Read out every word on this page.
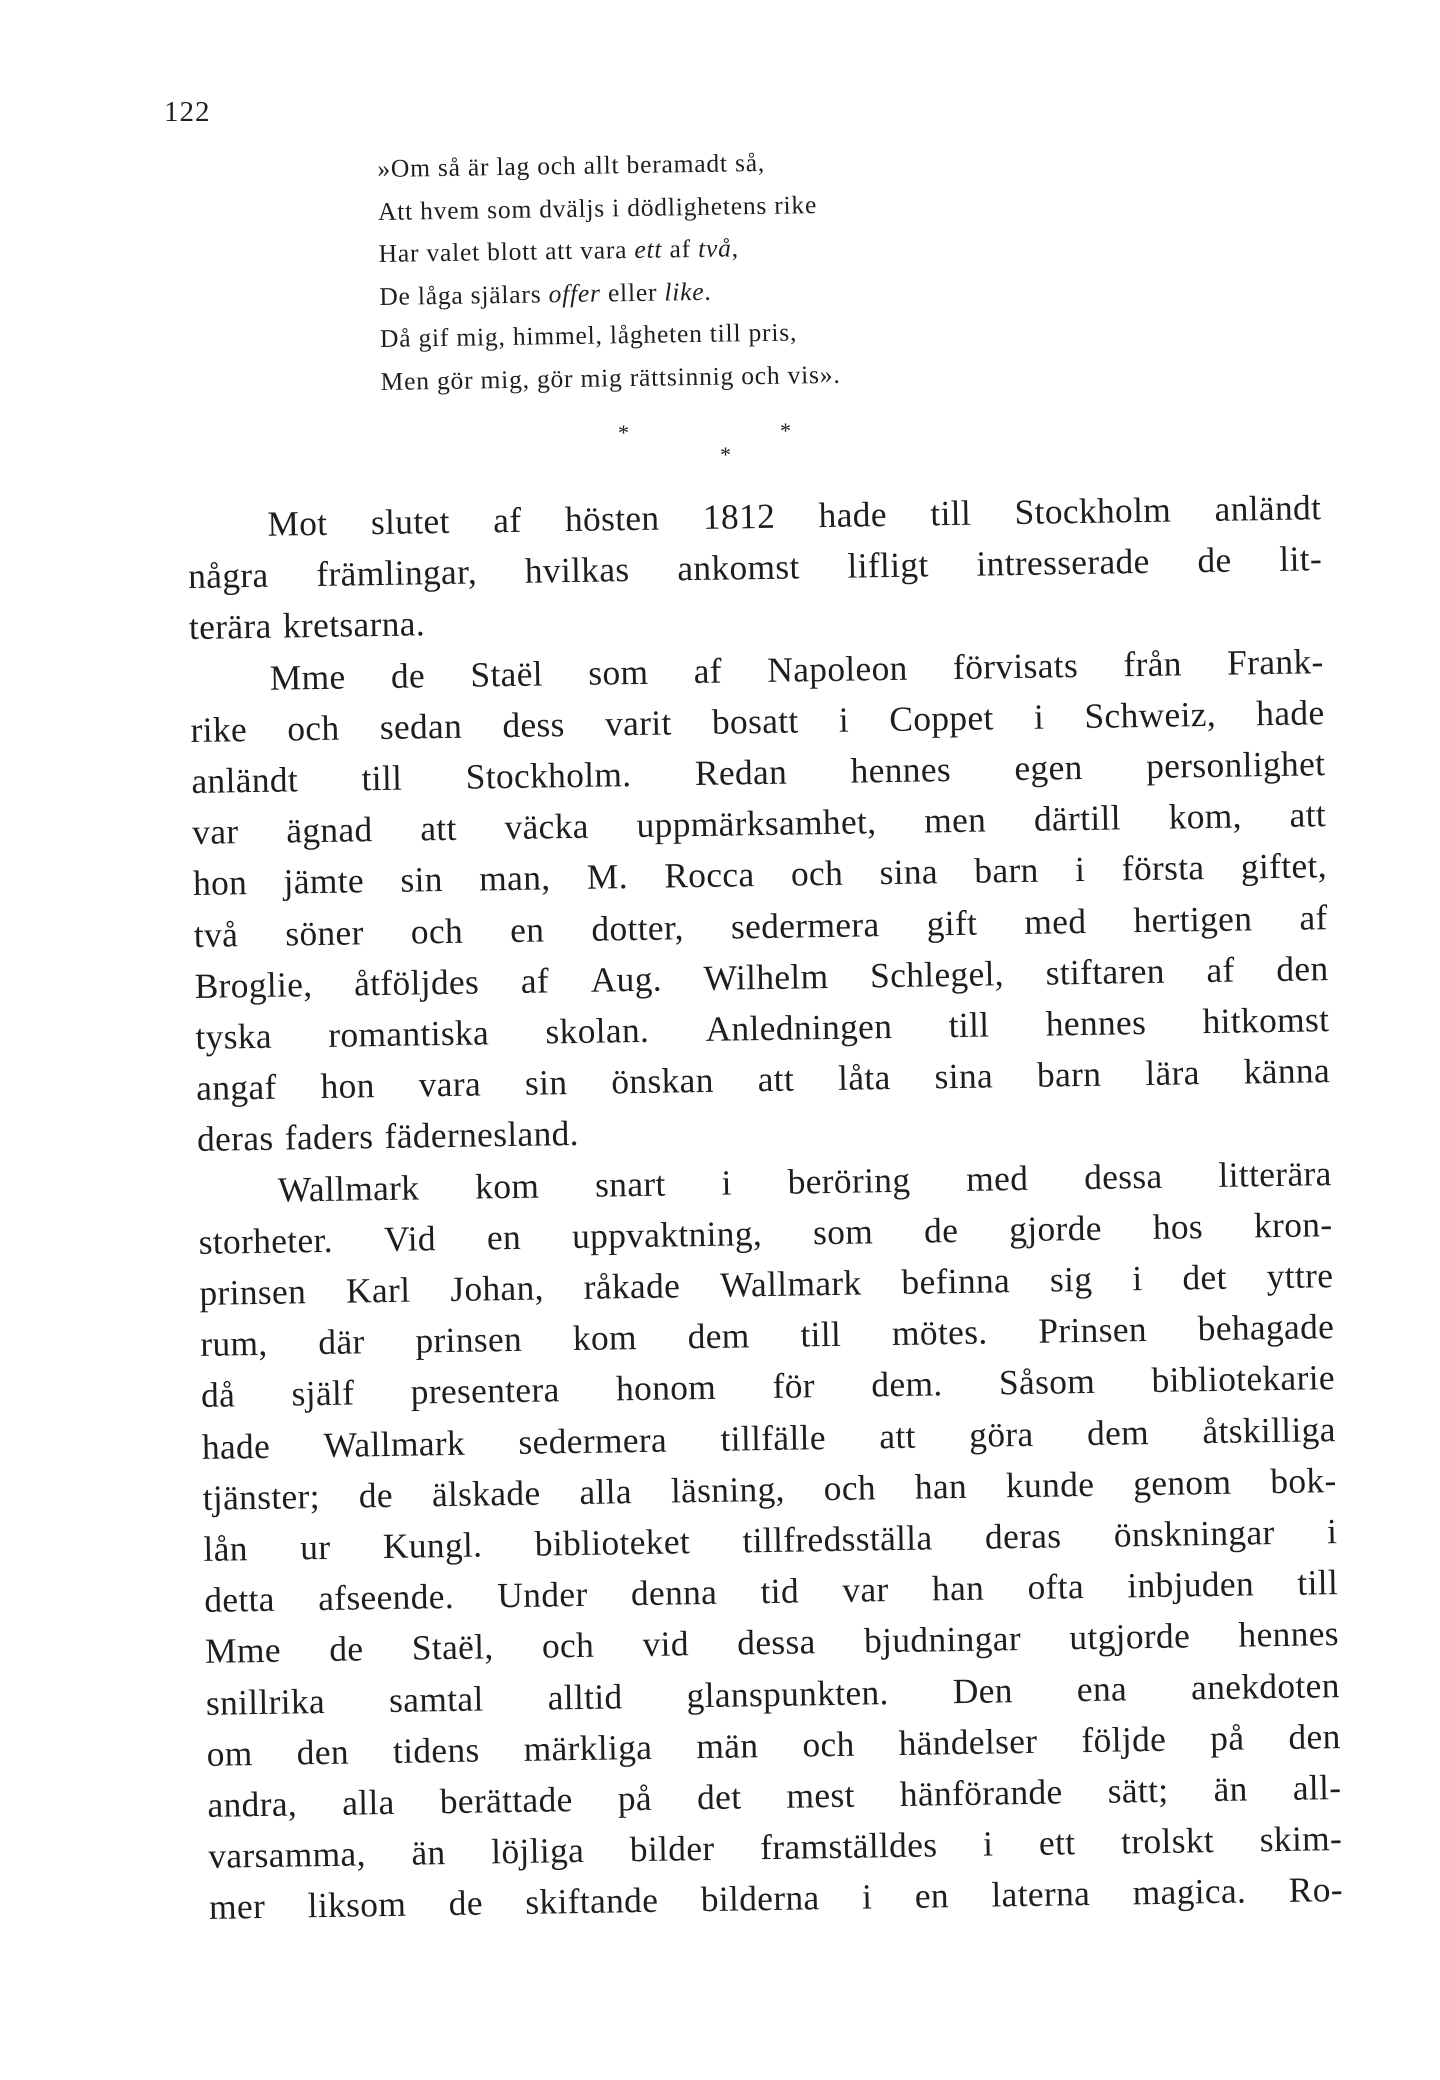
122
»Om så är lag och allt beramadt så,
Att hvem som dväljs i dödlighetens rike
Har valet blott att vara ett af två,
De låga själars offer eller like.
Då gif mig, himmel, lågheten till pris,
Men gör mig, gör mig rättsinnig och vis».
*	*
*
Mot slutet af hösten 1812 hade till Stockholm anländt
några främlingar, hvilkas ankomst lifligt intresserade de lit-
terära kretsarna.
Mme de Staël som af Napoleon förvisats från Frank-
rike och sedan dess varit bosatt i Coppet i Schweiz, hade
anländt till Stockholm. Redan hennes egen personlighet
var ägnad att väcka uppmärksamhet, men därtill kom, att
hon jämte sin man, M. Rocca och sina barn i första giftet,
två söner och en dotter, sedermera gift med hertigen af
Broglie, åtföljdes af Aug. Wilhelm Schlegel, stiftaren af den
tyska romantiska skolan. Anledningen till hennes hitkomst
angaf hon vara sin önskan att låta sina barn lära känna
deras faders fädernesland.
Wallmark kom snart i beröring med dessa litterära
storheter. Vid en uppvaktning, som de gjorde hos kron-
prinsen Karl Johan, råkade Wallmark befinna sig i det yttre
rum, där prinsen kom dem till mötes. Prinsen behagade
då själf presentera honom för dem. Såsom bibliotekarie
hade Wallmark sedermera tillfälle att göra dem åtskilliga
tjänster; de älskade alla läsning, och han kunde genom bok-
lån ur Kungl. biblioteket tillfredsställa deras önskningar i
detta afseende. Under denna tid var han ofta inbjuden till
Mme de Staël, och vid dessa bjudningar utgjorde hennes
snillrika samtal alltid glanspunkten. Den ena anekdoten
om den tidens märkliga män och händelser följde på den
andra, alla berättade på det mest hänförande sätt; än all-
varsamma, än löjliga bilder framställdes i ett trolskt skim-
mer liksom de skiftande bilderna i en laterna magica. Ro-
